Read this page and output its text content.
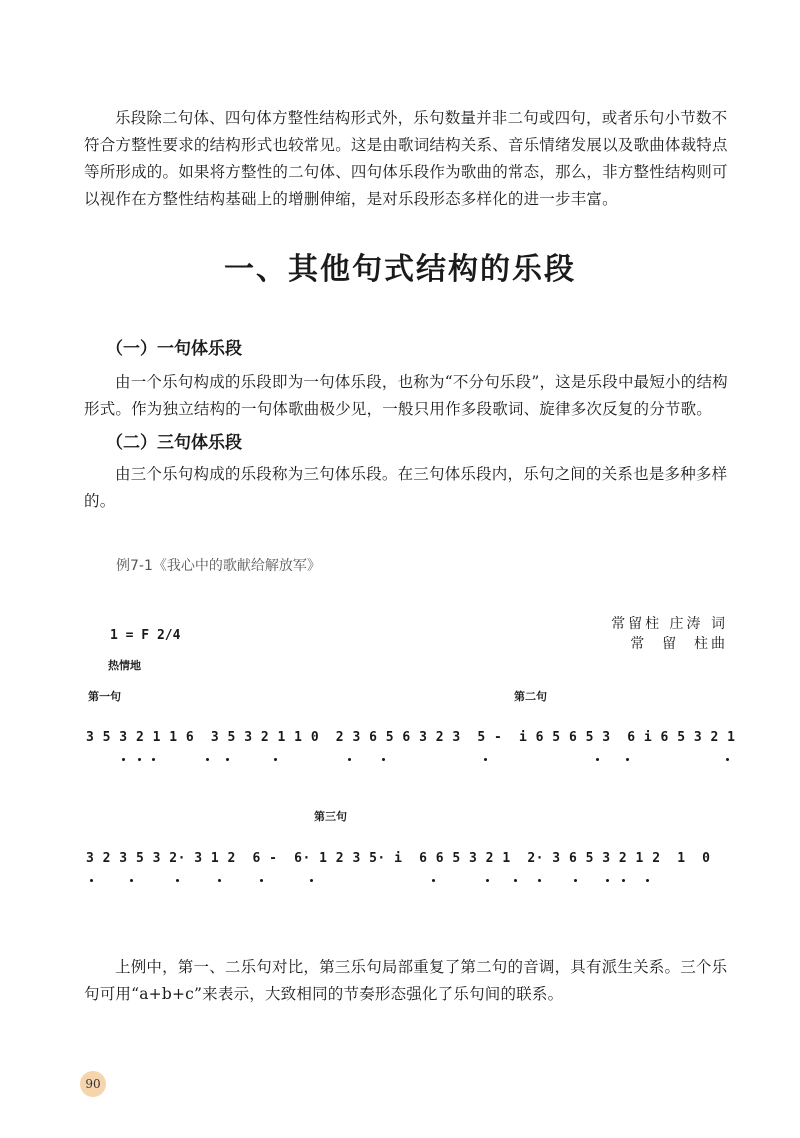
乐段除二句体、四句体方整性结构形式外，乐句数量并非二句或四句，或者乐句小节数不符合方整性要求的结构形式也较常见。这是由歌词结构关系、音乐情绪发展以及歌曲体裁特点等所形成的。如果将方整性的二句体、四句体乐段作为歌曲的常态，那么，非方整性结构则可以视作在方整性结构基础上的增删伸缩，是对乐段形态多样化的进一步丰富。

一、其他句式结构的乐段
（一）一句体乐段

由一个乐句构成的乐段即为一句体乐段，也称为“不分句乐段”，这是乐段中最短小的结构形式。作为独立结构的一句体歌曲极少见，一般只用作多段歌词、旋律多次反复的分节歌。

（二）三句体乐段

由三个乐句构成的乐段称为三句体乐段。在三句体乐段内，乐句之间的关系也是多种多样的。

例7-1《我心中的歌献给解放军》
常留柱 庄涛 词
常  留  柱曲
1 = F 2/4
热情地
第一句	第二句
第三句
3 5 3 2 1 1 6  3 5 3 2 1 1 0  2 3 6 5 6 3 2 3  5 -  i 6 5 6 5 3  6 i 6 5 3 2 1
3 2 3 5 3 2· 3 1 2  6 -  6· 1 2 3 5· i  6 6 5 3 2 1  2· 3 6 5 3 2 1 2  1  0

上例中，第一、二乐句对比，第三乐句局部重复了第二句的音调，具有派生关系。三个乐句可用“a+b+c”来表示，大致相同的节奏形态强化了乐句间的联系。

90
